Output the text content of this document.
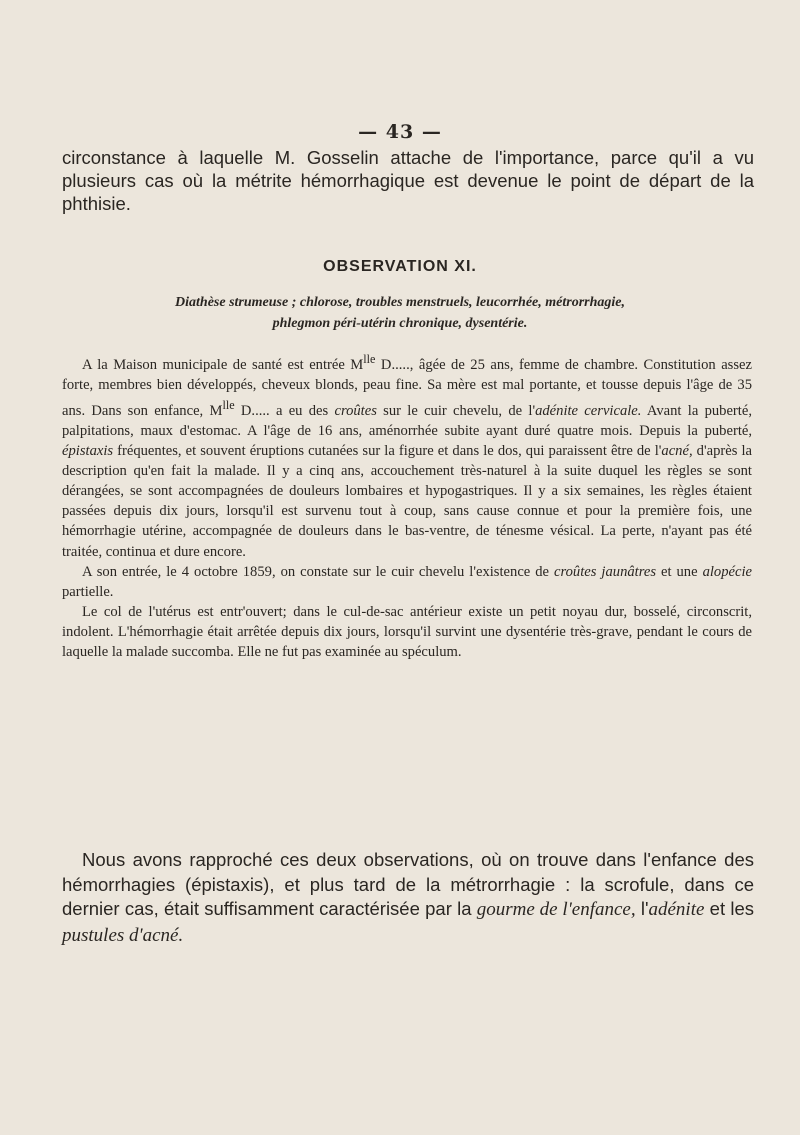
— 43 —
circonstance à laquelle M. Gosselin attache de l'importance, parce qu'il a vu plusieurs cas où la métrite hémorrhagique est devenue le point de départ de la phthisie.
OBSERVATION XI.
Diathèse strumeuse ; chlorose, troubles menstruels, leucorrhée, métrorrhagie,
phlegmon péri-utérin chronique, dysentérie.

A la Maison municipale de santé est entrée $M^{lle}$ D....., âgée de 25 ans, femme de chambre. Constitution assez forte, membres bien développés, cheveux blonds, peau fine. Sa mère est mal portante, et tousse depuis l'âge de 35 ans. Dans son enfance, $M^{lle}$ D..... a eu des croûtes sur le cuir chevelu, de l'adénite cervicale. Avant la puberté, palpitations, maux d'estomac. A l'âge de 16 ans, aménorrhée subite ayant duré quatre mois. Depuis la puberté, épistaxis fréquentes, et souvent éruptions cutanées sur la figure et dans le dos, qui paraissent être de l'acné, d'après la description qu'en fait la malade. Il y a cinq ans, accouchement très-naturel à la suite duquel les règles se sont dérangées, se sont accompagnées de douleurs lombaires et hypogastriques. Il y a six semaines, les règles étaient passées depuis dix jours, lorsqu'il est survenu tout à coup, sans cause connue et pour la première fois, une hémorrhagie utérine, accompagnée de douleurs dans le bas-ventre, de ténesme vésical. La perte, n'ayant pas été traitée, continua et dure encore.

A son entrée, le 4 octobre 1859, on constate sur le cuir chevelu l'existence de croûtes jaunâtres et une alopécie partielle.

Le col de l'utérus est entr'ouvert; dans le cul-de-sac antérieur existe un petit noyau dur, bosselé, circonscrit, indolent. L'hémorrhagie était arrêtée depuis dix jours, lorsqu'il survint une dysentérie très-grave, pendant le cours de laquelle la malade succomba. Elle ne fut pas examinée au spéculum.

Nous avons rapproché ces deux observations, où on trouve dans l'enfance des hémorrhagies (épistaxis), et plus tard de la métrorrhagie : la scrofule, dans ce dernier cas, était suffisamment caractérisée par la gourme de l'enfance, l'adénite et les pustules d'acné.
